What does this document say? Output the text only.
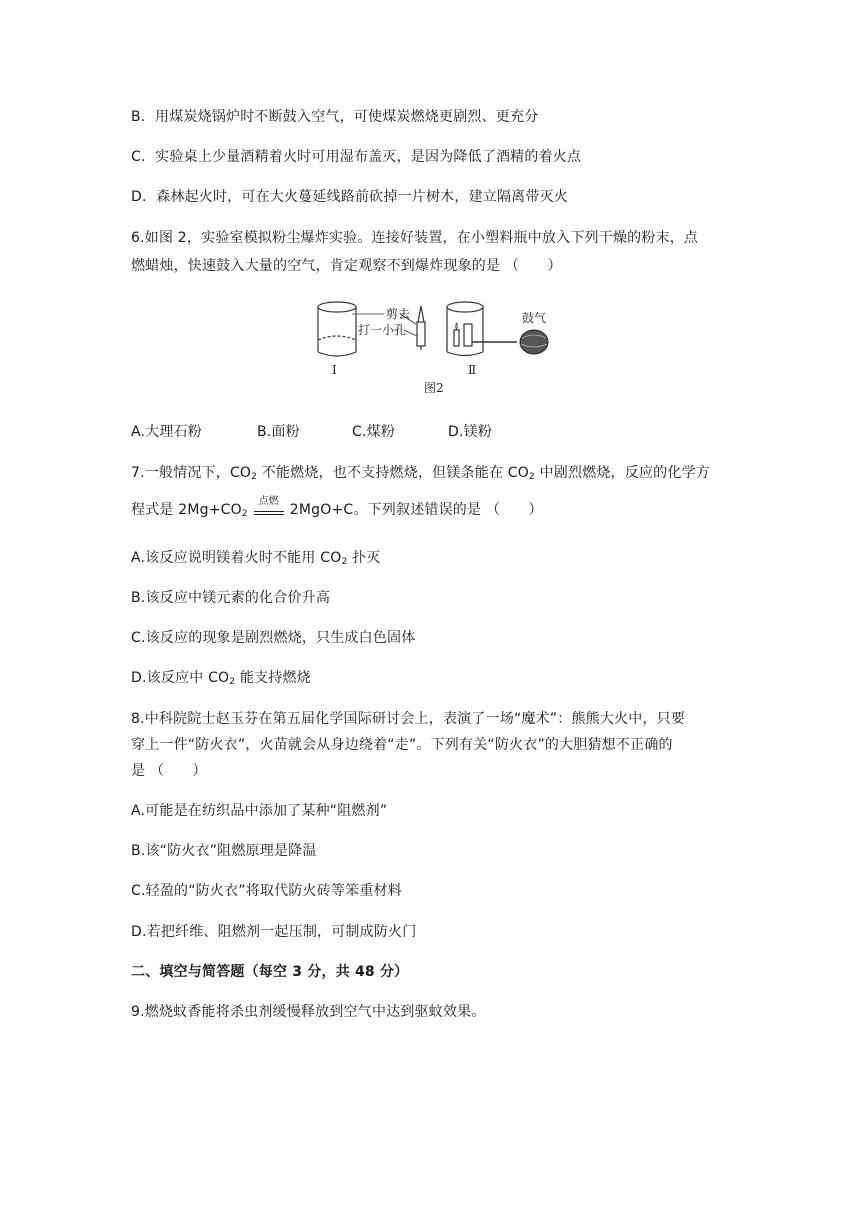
B．用煤炭烧锅炉时不断鼓入空气，可使煤炭燃烧更剧烈、更充分
C．实验桌上少量酒精着火时可用湿布盖灭，是因为降低了酒精的着火点
D．森林起火时，可在大火蔓延线路前砍掉一片树木，建立隔离带灭火
6.如图 2，实验室模拟粉尘爆炸实验。连接好装置，在小塑料瓶中放入下列干燥的粉末，点
燃蜡烛，快速鼓入大量的空气，肯定观察不到爆炸现象的是 （　　）
剪去
打一小孔
鼓气
Ⅰ	Ⅱ
图2
A.大理石粉	B.面粉	C.煤粉	D.镁粉
7.一般情况下，$CO_2$ 不能燃烧，也不支持燃烧，但镁条能在 $CO_2$ 中剧烈燃烧，反应的化学方
程式是 $2Mg+CO_2$
点燃
2MgO+C。下列叙述错误的是 （　　）
A.该反应说明镁着火时不能用 $CO_2$ 扑灭
B.该反应中镁元素的化合价升高
C.该反应的现象是剧烈燃烧，只生成白色固体
D.该反应中 $CO_2$ 能支持燃烧
8.中科院院士赵玉芬在第五届化学国际研讨会上，表演了一场“魔术”：熊熊大火中，只要
穿上一件“防火衣”，火苗就会从身边绕着“走”。下列有关“防火衣”的大胆猜想不正确的
是 （　　）
A.可能是在纺织品中添加了某种“阻燃剂”
B.该“防火衣”阻燃原理是降温
C.轻盈的“防火衣”将取代防火砖等笨重材料
D.若把纤维、阻燃剂一起压制，可制成防火门
二、填空与简答题（每空 3 分，共 48 分）
9.燃烧蚊香能将杀虫剂缓慢释放到空气中达到驱蚊效果。
